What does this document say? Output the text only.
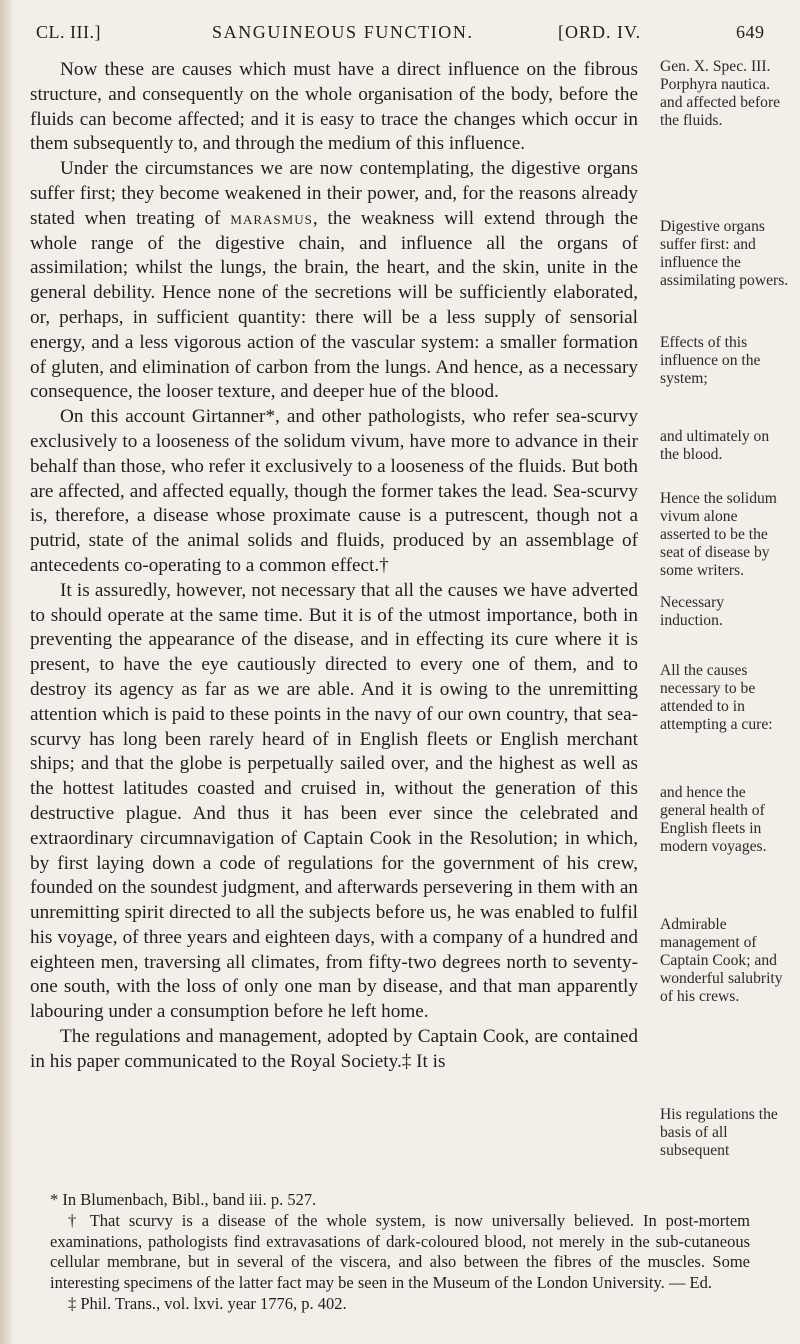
CL. III.]	SANGUINEOUS FUNCTION.	[ORD. IV.	649

Now these are causes which must have a direct influence on the fibrous structure, and consequently on the whole organisation of the body, before the fluids can become affected; and it is easy to trace the changes which occur in them subsequently to, and through the medium of this influence.

Under the circumstances we are now contemplating, the digestive organs suffer first; they become weakened in their power, and, for the reasons already stated when treating of marasmus, the weakness will extend through the whole range of the digestive chain, and influence all the organs of assimilation; whilst the lungs, the brain, the heart, and the skin, unite in the general debility. Hence none of the secretions will be sufficiently elaborated, or, perhaps, in sufficient quantity: there will be a less supply of sensorial energy, and a less vigorous action of the vascular system: a smaller formation of gluten, and elimination of carbon from the lungs. And hence, as a necessary consequence, the looser texture, and deeper hue of the blood.

On this account Girtanner*, and other pathologists, who refer sea-scurvy exclusively to a looseness of the solidum vivum, have more to advance in their behalf than those, who refer it exclusively to a looseness of the fluids. But both are affected, and affected equally, though the former takes the lead. Sea-scurvy is, therefore, a disease whose proximate cause is a putrescent, though not a putrid, state of the animal solids and fluids, produced by an assemblage of antecedents co-operating to a common effect.†

It is assuredly, however, not necessary that all the causes we have adverted to should operate at the same time. But it is of the utmost importance, both in preventing the appearance of the disease, and in effecting its cure where it is present, to have the eye cautiously directed to every one of them, and to destroy its agency as far as we are able. And it is owing to the unremitting attention which is paid to these points in the navy of our own country, that sea-scurvy has long been rarely heard of in English fleets or English merchant ships; and that the globe is perpetually sailed over, and the highest as well as the hottest latitudes coasted and cruised in, without the generation of this destructive plague. And thus it has been ever since the celebrated and extraordinary circumnavigation of Captain Cook in the Resolution; in which, by first laying down a code of regulations for the government of his crew, founded on the soundest judgment, and afterwards persevering in them with an unremitting spirit directed to all the subjects before us, he was enabled to fulfil his voyage, of three years and eighteen days, with a company of a hundred and eighteen men, traversing all climates, from fifty-two degrees north to seventy-one south, with the loss of only one man by disease, and that man apparently labouring under a consumption before he left home.

The regulations and management, adopted by Captain Cook, are contained in his paper communicated to the Royal Society.‡ It is

Gen. X. Spec. III. Porphyra nautica. and affected before the fluids.
Digestive organs suffer first: and influence the assimilating powers.
Effects of this influence on the system;
and ultimately on the blood.
Hence the solidum vivum alone asserted to be the seat of disease by some writers.
Necessary induction.
All the causes necessary to be attended to in attempting a cure:
and hence the general health of English fleets in modern voyages.
Admirable management of Captain Cook; and wonderful salubrity of his crews.
His regulations the basis of all subsequent

* In Blumenbach, Bibl., band iii. p. 527.

† That scurvy is a disease of the whole system, is now universally believed. In post-mortem examinations, pathologists find extravasations of dark-coloured blood, not merely in the sub-cutaneous cellular membrane, but in several of the viscera, and also between the fibres of the muscles. Some interesting specimens of the latter fact may be seen in the Museum of the London University. — Ed.

‡ Phil. Trans., vol. lxvi. year 1776, p. 402.
